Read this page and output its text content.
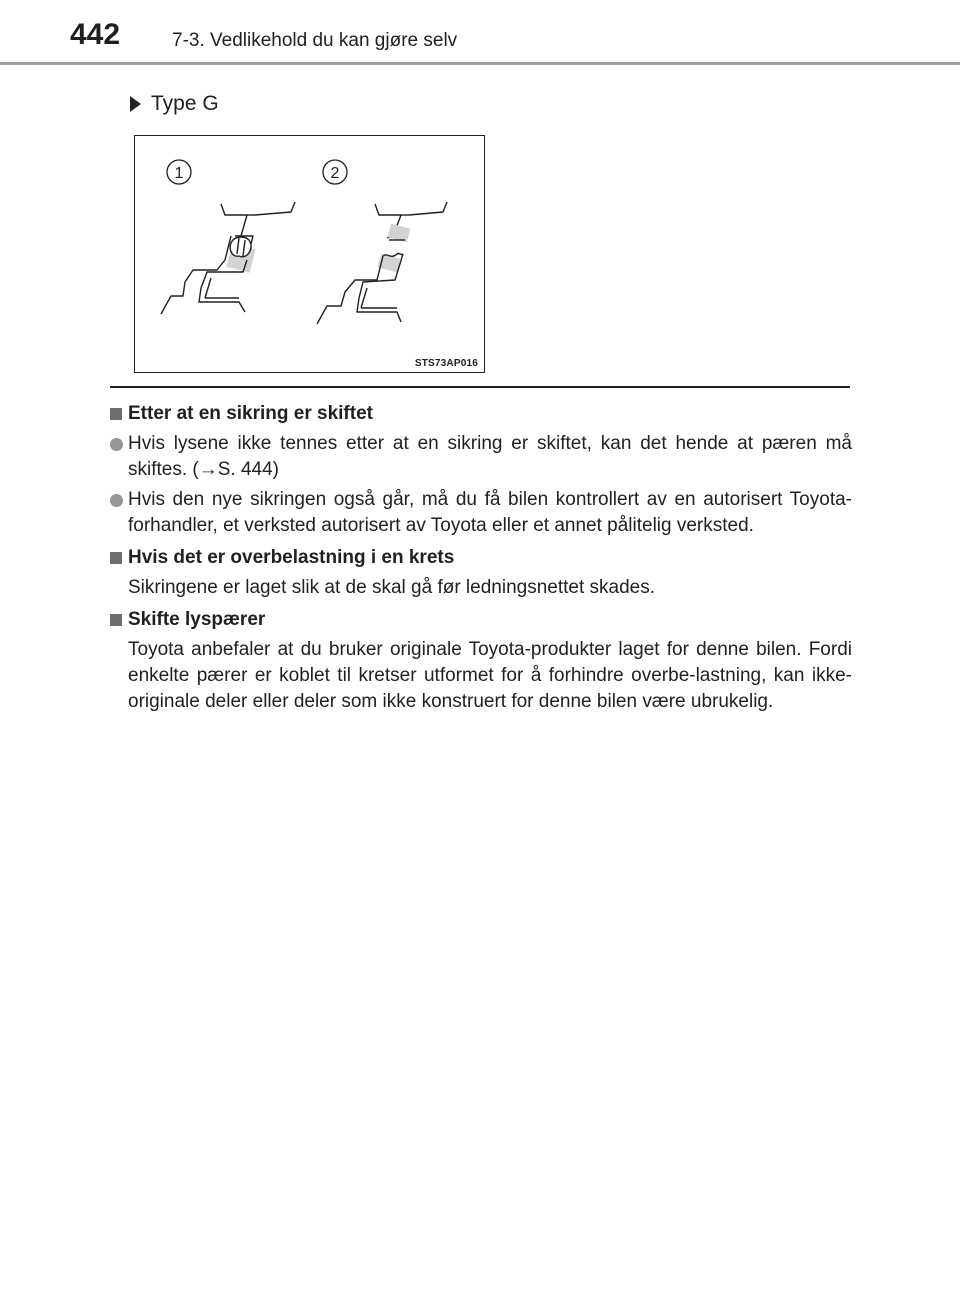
442	7-3. Vedlikehold du kan gjøre selv
Type G
1	2
STS73AP016
Etter at en sikring er skiftet
Hvis lysene ikke tennes etter at en sikring er skiftet, kan det hende at pæren må skiftes. (→S. 444)
Hvis den nye sikringen også går, må du få bilen kontrollert av en autorisert Toyota-forhandler, et verksted autorisert av Toyota eller et annet pålitelig verksted.
Hvis det er overbelastning i en krets
Sikringene er laget slik at de skal gå før ledningsnettet skades.
Skifte lyspærer
Toyota anbefaler at du bruker originale Toyota-produkter laget for denne bilen. Fordi enkelte pærer er koblet til kretser utformet for å forhindre overbe-lastning, kan ikke-originale deler eller deler som ikke konstruert for denne bilen være ubrukelig.
